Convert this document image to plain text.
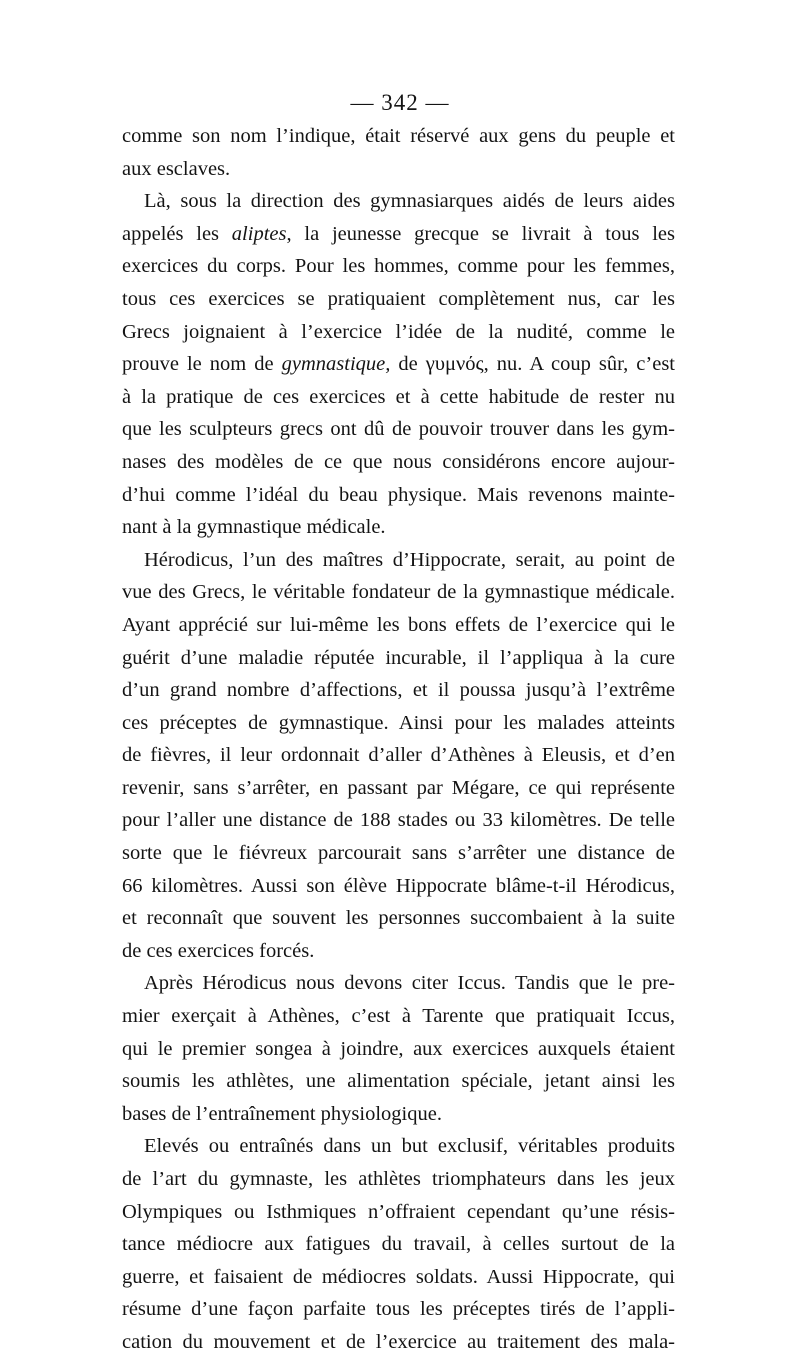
— 342 —
comme son nom l’indique, était réservé aux gens du peuple et
aux esclaves.
Là, sous la direction des gymnasiarques aidés de leurs aides
appelés les aliptes, la jeunesse grecque se livrait à tous les
exercices du corps. Pour les hommes, comme pour les femmes,
tous ces exercices se pratiquaient complètement nus, car les
Grecs joignaient à l’exercice l’idée de la nudité, comme le
prouve le nom de gymnastique, de γυμνός, nu. A coup sûr, c’est
à la pratique de ces exercices et à cette habitude de rester nu
que les sculpteurs grecs ont dû de pouvoir trouver dans les gym-
nases des modèles de ce que nous considérons encore aujour-
d’hui comme l’idéal du beau physique. Mais revenons mainte-
nant à la gymnastique médicale.
Hérodicus, l’un des maîtres d’Hippocrate, serait, au point de
vue des Grecs, le véritable fondateur de la gymnastique médicale.
Ayant apprécié sur lui-même les bons effets de l’exercice qui le
guérit d’une maladie réputée incurable, il l’appliqua à la cure
d’un grand nombre d’affections, et il poussa jusqu’à l’extrême
ces préceptes de gymnastique. Ainsi pour les malades atteints
de fièvres, il leur ordonnait d’aller d’Athènes à Eleusis, et d’en
revenir, sans s’arrêter, en passant par Mégare, ce qui représente
pour l’aller une distance de 188 stades ou 33 kilomètres. De telle
sorte que le fiévreux parcourait sans s’arrêter une distance de
66 kilomètres. Aussi son élève Hippocrate blâme-t-il Hérodicus,
et reconnaît que souvent les personnes succombaient à la suite
de ces exercices forcés.
Après Hérodicus nous devons citer Iccus. Tandis que le pre-
mier exerçait à Athènes, c’est à Tarente que pratiquait Iccus,
qui le premier songea à joindre, aux exercices auxquels étaient
soumis les athlètes, une alimentation spéciale, jetant ainsi les
bases de l’entraînement physiologique.
Elevés ou entraînés dans un but exclusif, véritables produits
de l’art du gymnaste, les athlètes triomphateurs dans les jeux
Olympiques ou Isthmiques n’offraient cependant qu’une résis-
tance médiocre aux fatigues du travail, à celles surtout de la
guerre, et faisaient de médiocres soldats. Aussi Hippocrate, qui
résume d’une façon parfaite tous les préceptes tirés de l’appli-
cation du mouvement et de l’exercice au traitement des mala-
